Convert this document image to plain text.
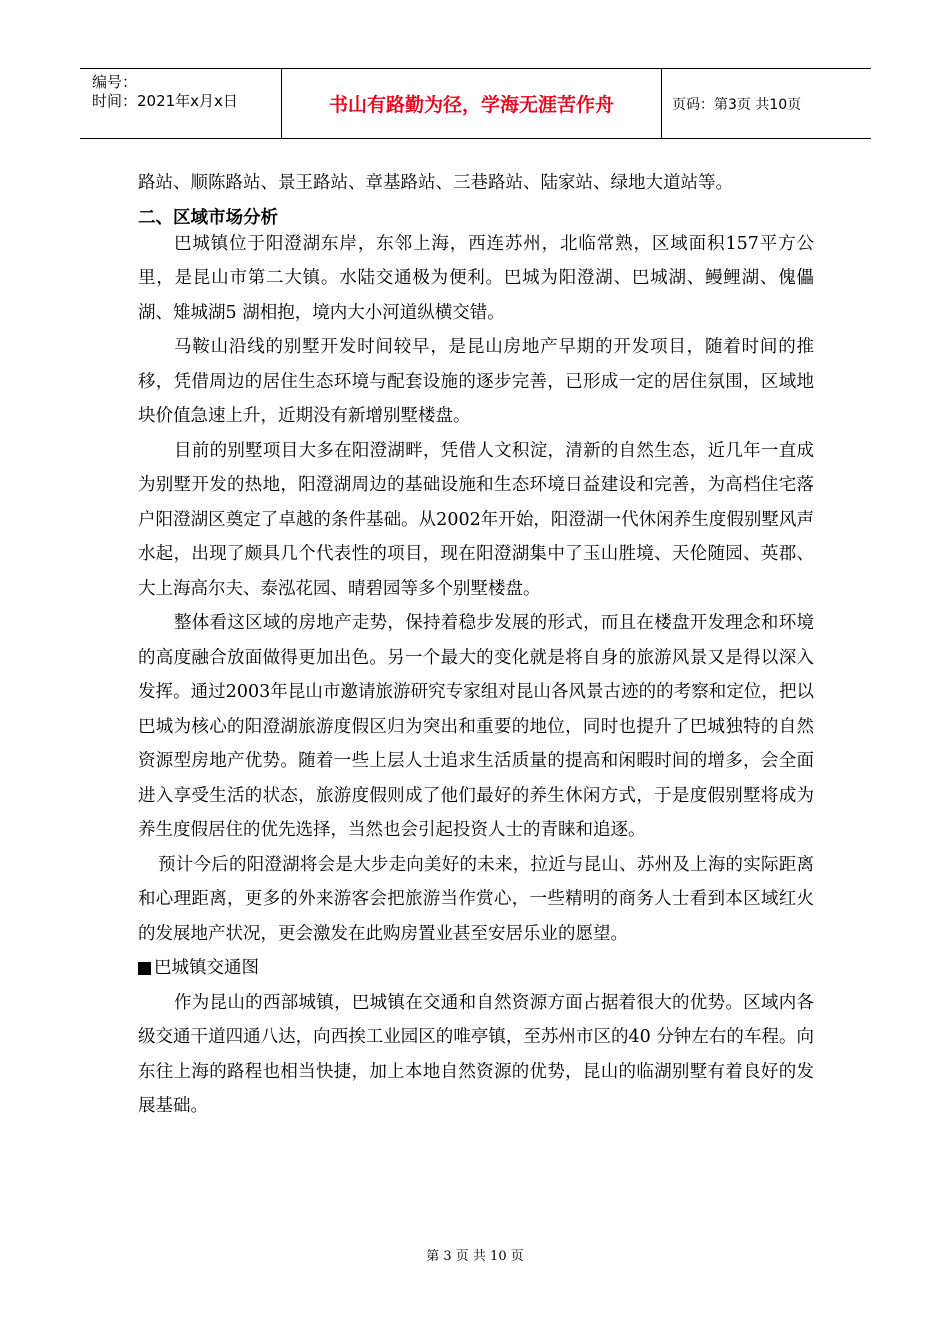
编号：
时间：2021年x月x日	书山有路勤为径，学海无涯苦作舟	页码：第3页 共10页

路站、顺陈路站、景王路站、章基路站、三巷路站、陆家站、绿地大道站等。

二、区域市场分析

巴城镇位于阳澄湖东岸，东邻上海，西连苏州，北临常熟，区域面积157平方公里，是昆山市第二大镇。水陆交通极为便利。巴城为阳澄湖、巴城湖、鳗鲤湖、傀儡湖、雉城湖5 湖相抱，境内大小河道纵横交错。

马鞍山沿线的别墅开发时间较早，是昆山房地产早期的开发项目，随着时间的推移，凭借周边的居住生态环境与配套设施的逐步完善，已形成一定的居住氛围，区域地块价值急速上升，近期没有新增别墅楼盘。

目前的别墅项目大多在阳澄湖畔，凭借人文积淀，清新的自然生态，近几年一直成为别墅开发的热地，阳澄湖周边的基础设施和生态环境日益建设和完善，为高档住宅落户阳澄湖区奠定了卓越的条件基础。从2002年开始，阳澄湖一代休闲养生度假别墅风声水起，出现了颇具几个代表性的项目，现在阳澄湖集中了玉山胜境、天伦随园、英郡、大上海高尔夫、泰泓花园、晴碧园等多个别墅楼盘。

整体看这区域的房地产走势，保持着稳步发展的形式，而且在楼盘开发理念和环境的高度融合放面做得更加出色。另一个最大的变化就是将自身的旅游风景又是得以深入发挥。通过2003年昆山市邀请旅游研究专家组对昆山各风景古迹的的考察和定位，把以巴城为核心的阳澄湖旅游度假区归为突出和重要的地位，同时也提升了巴城独特的自然资源型房地产优势。随着一些上层人士追求生活质量的提高和闲暇时间的增多，会全面进入享受生活的状态，旅游度假则成了他们最好的养生休闲方式，于是度假别墅将成为养生度假居住的优先选择，当然也会引起投资人士的青睐和追逐。

预计今后的阳澄湖将会是大步走向美好的未来，拉近与昆山、苏州及上海的实际距离和心理距离，更多的外来游客会把旅游当作赏心，一些精明的商务人士看到本区域红火的发展地产状况，更会激发在此购房置业甚至安居乐业的愿望。

巴城镇交通图

作为昆山的西部城镇，巴城镇在交通和自然资源方面占据着很大的优势。区域内各级交通干道四通八达，向西挨工业园区的唯亭镇，至苏州市区的40 分钟左右的车程。向东往上海的路程也相当快捷，加上本地自然资源的优势，昆山的临湖别墅有着良好的发展基础。

第 3 页 共 10 页
